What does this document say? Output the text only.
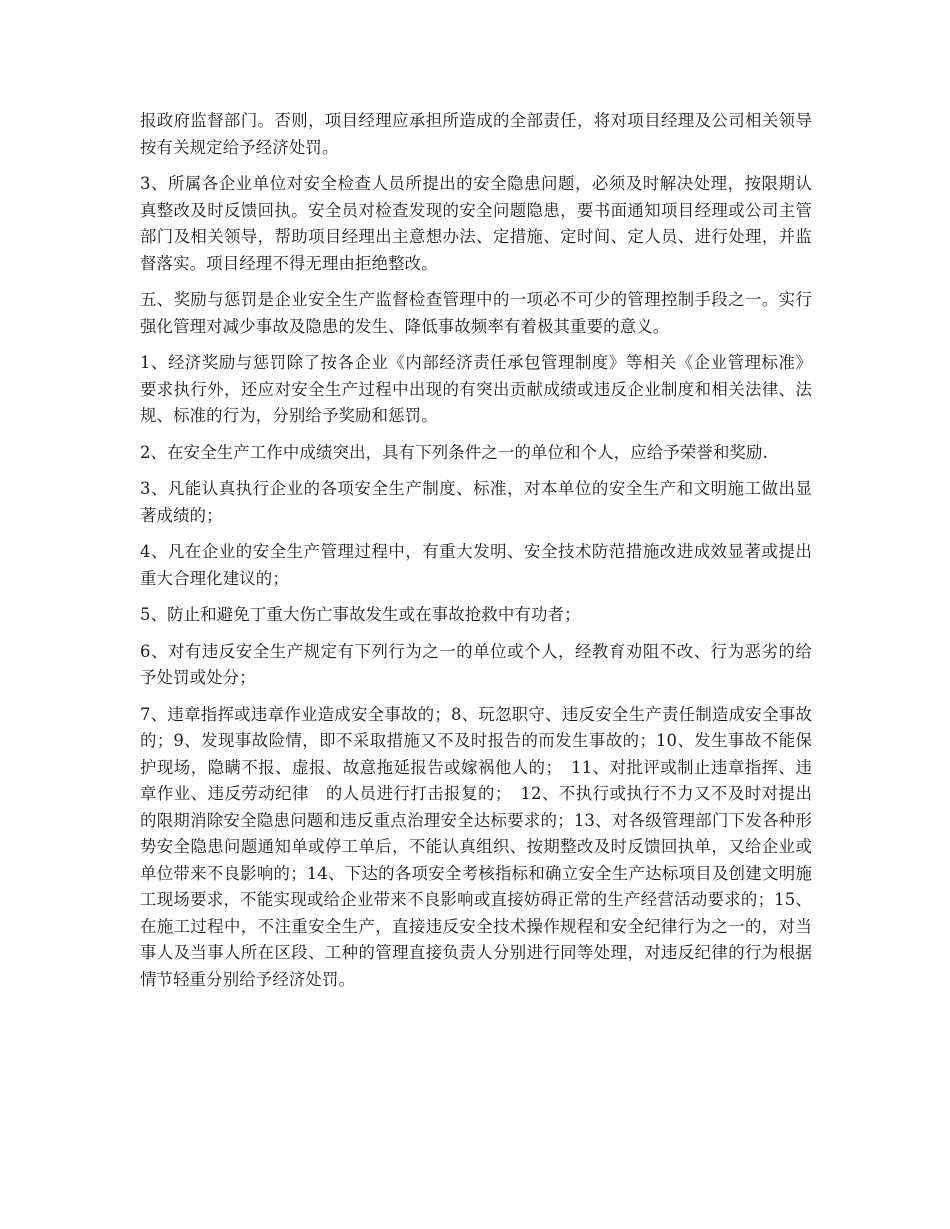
报政府监督部门。否则，项目经理应承担所造成的全部责任，将对项目经理及公司相关领导按有关规定给予经济处罚。

3、所属各企业单位对安全检查人员所提出的安全隐患问题，必须及时解决处理，按限期认真整改及时反馈回执。安全员对检查发现的安全问题隐患，要书面通知项目经理或公司主管部门及相关领导，帮助项目经理出主意想办法、定措施、定时间、定人员、进行处理，并监督落实。项目经理不得无理由拒绝整改。

五、奖励与惩罚是企业安全生产监督检查管理中的一项必不可少的管理控制手段之一。实行强化管理对减少事故及隐患的发生、降低事故频率有着极其重要的意义。

1、经济奖励与惩罚除了按各企业《内部经济责任承包管理制度》等相关《企业管理标准》要求执行外，还应对安全生产过程中出现的有突出贡献成绩或违反企业制度和相关法律、法规、标准的行为，分别给予奖励和惩罚。

2、在安全生产工作中成绩突出，具有下列条件之一的单位和个人，应给予荣誉和奖励.

3、凡能认真执行企业的各项安全生产制度、标准，对本单位的安全生产和文明施工做出显著成绩的；

4、凡在企业的安全生产管理过程中，有重大发明、安全技术防范措施改进成效显著或提出重大合理化建议的；

5、防止和避免丁重大伤亡事故发生或在事故抢救中有功者；

6、对有违反安全生产规定有下列行为之一的单位或个人，经教育劝阻不改、行为恶劣的给予处罚或处分；

7、违章指挥或违章作业造成安全事故的；8、玩忽职守、违反安全生产责任制造成安全事故的；9、发现事故险情，即不采取措施又不及时报告的而发生事故的；10、发生事故不能保护现场，隐瞒不报、虚报、故意拖延报告或嫁祸他人的；　11、对批评或制止违章指挥、违章作业、违反劳动纪律　的人员进行打击报复的；　12、不执行或执行不力又不及时对提出的限期消除安全隐患问题和违反重点治理安全达标要求的；13、对各级管理部门下发各种形势安全隐患问题通知单或停工单后，不能认真组织、按期整改及时反馈回执单，又给企业或单位带来不良影响的；14、下达的各项安全考核指标和确立安全生产达标项目及创建文明施工现场要求，不能实现或给企业带来不良影响或直接妨碍正常的生产经营活动要求的；15、在施工过程中，不注重安全生产，直接违反安全技术操作规程和安全纪律行为之一的，对当事人及当事人所在区段、工种的管理直接负责人分别进行同等处理，对违反纪律的行为根据情节轻重分别给予经济处罚。
